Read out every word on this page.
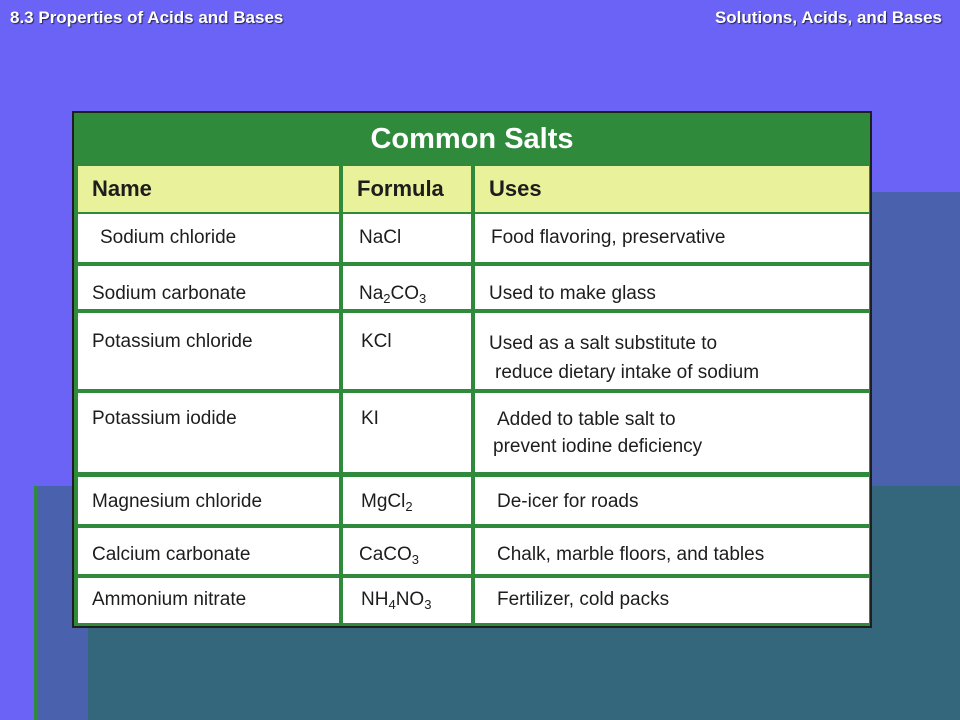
8.3 Properties of Acids and Bases	Solutions, Acids, and Bases
Common Salts
Name	Formula	Uses
Sodium chloride	NaCl	Food flavoring, preservative
Sodium carbonate	$Na_2CO_3$	Used to make glass
Potassium chloride	KCl	Used as a salt substitute to
reduce dietary intake of sodium
Potassium iodide	KI	Added to table salt to
prevent iodine deficiency
Magnesium chloride	MgCl$_2$	De-icer for roads
Calcium carbonate	CaCO$_3$	Chalk, marble floors, and tables
Ammonium nitrate	$NH_4NO_3$	Fertilizer, cold packs
